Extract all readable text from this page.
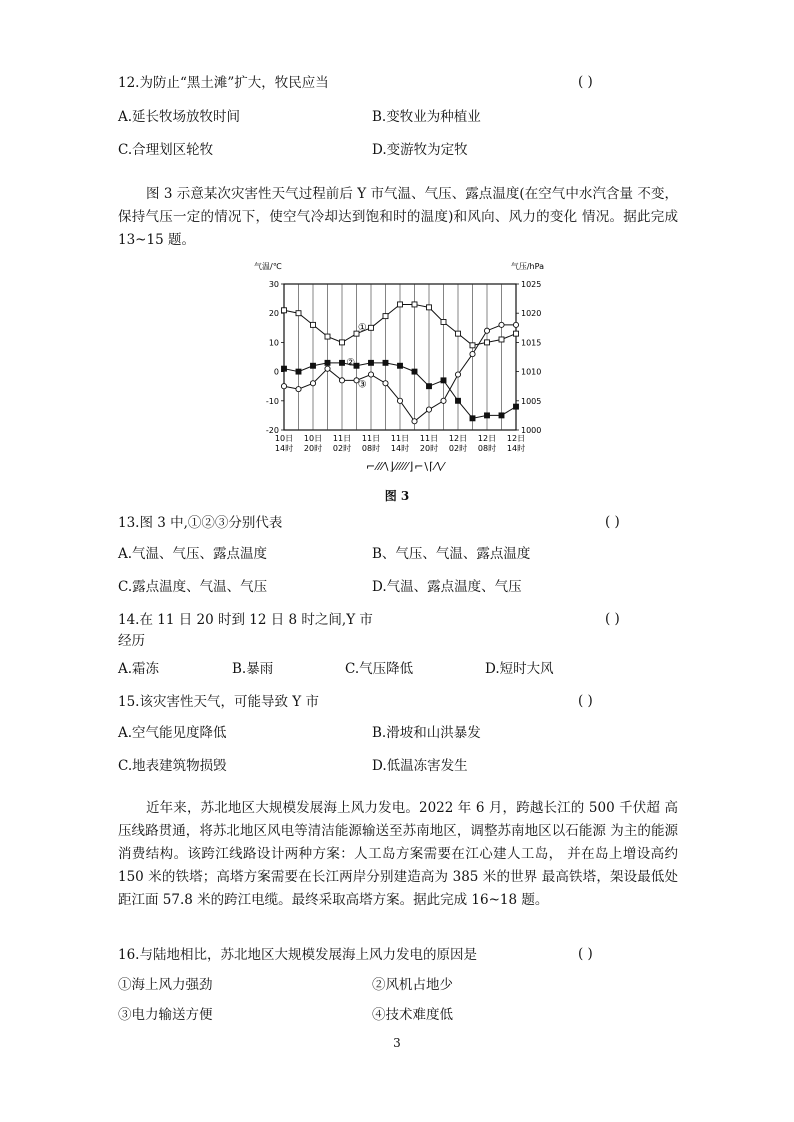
12.为防止“黑土滩”扩大，牧民应当	( )
A.延长牧场放牧时间	B.变牧业为种植业
C.合理划区轮牧	D.变游牧为定牧
图 3 示意某次灾害性天气过程前后 Y 市气温、气压、露点温度(在空气中水汽含量 不变，保持气压一定的情况下，使空气冷却达到饱和时的温度)和风向、风力的变化 情况。据此完成 13~15 题。
气温/℃	气压/hPa
30
20
10
0
-10
-20
1025
1020
1015
1010
1005
1000
10日
14时
10日
20时
11日
02时
11日
08时
11日
14时
11日
20时
12日
02时
12日
08时
12日
14时
①
②
③
⌐⁄⁄⁄\⌋⁄⁄⁄⁄⁄⌋⌐\⌈⁄\⁄
图 3
13.图 3 中,①②③分别代表	( )
A.气温、气压、露点温度	B、气压、气温、露点温度
C.露点温度、气温、气压	D.气温、露点温度、气压
14.在 11 日 20 时到 12 日 8 时之间,Y 市	( )
经历
A.霜冻	B.暴雨	C.气压降低	D.短时大风
15.该灾害性天气，可能导致 Y 市	( )
A.空气能见度降低	B.滑坡和山洪暴发
C.地表建筑物损毁	D.低温冻害发生
近年来，苏北地区大规模发展海上风力发电。2022 年 6 月，跨越长江的 500 千伏超 高压线路贯通，将苏北地区风电等清洁能源输送至苏南地区，调整苏南地区以石能源 为主的能源消费结构。该跨江线路设计两种方案：人工岛方案需要在江心建人工岛， 并在岛上增设高约 150 米的铁塔；高塔方案需要在长江两岸分别建造高为 385 米的世界 最高铁塔，架设最低处距江面 57.8 米的跨江电缆。最终采取高塔方案。据此完成 16~18 题。
16.与陆地相比，苏北地区大规模发展海上风力发电的原因是	( )
①海上风力强劲	②风机占地少
③电力输送方便	④技术难度低
3
